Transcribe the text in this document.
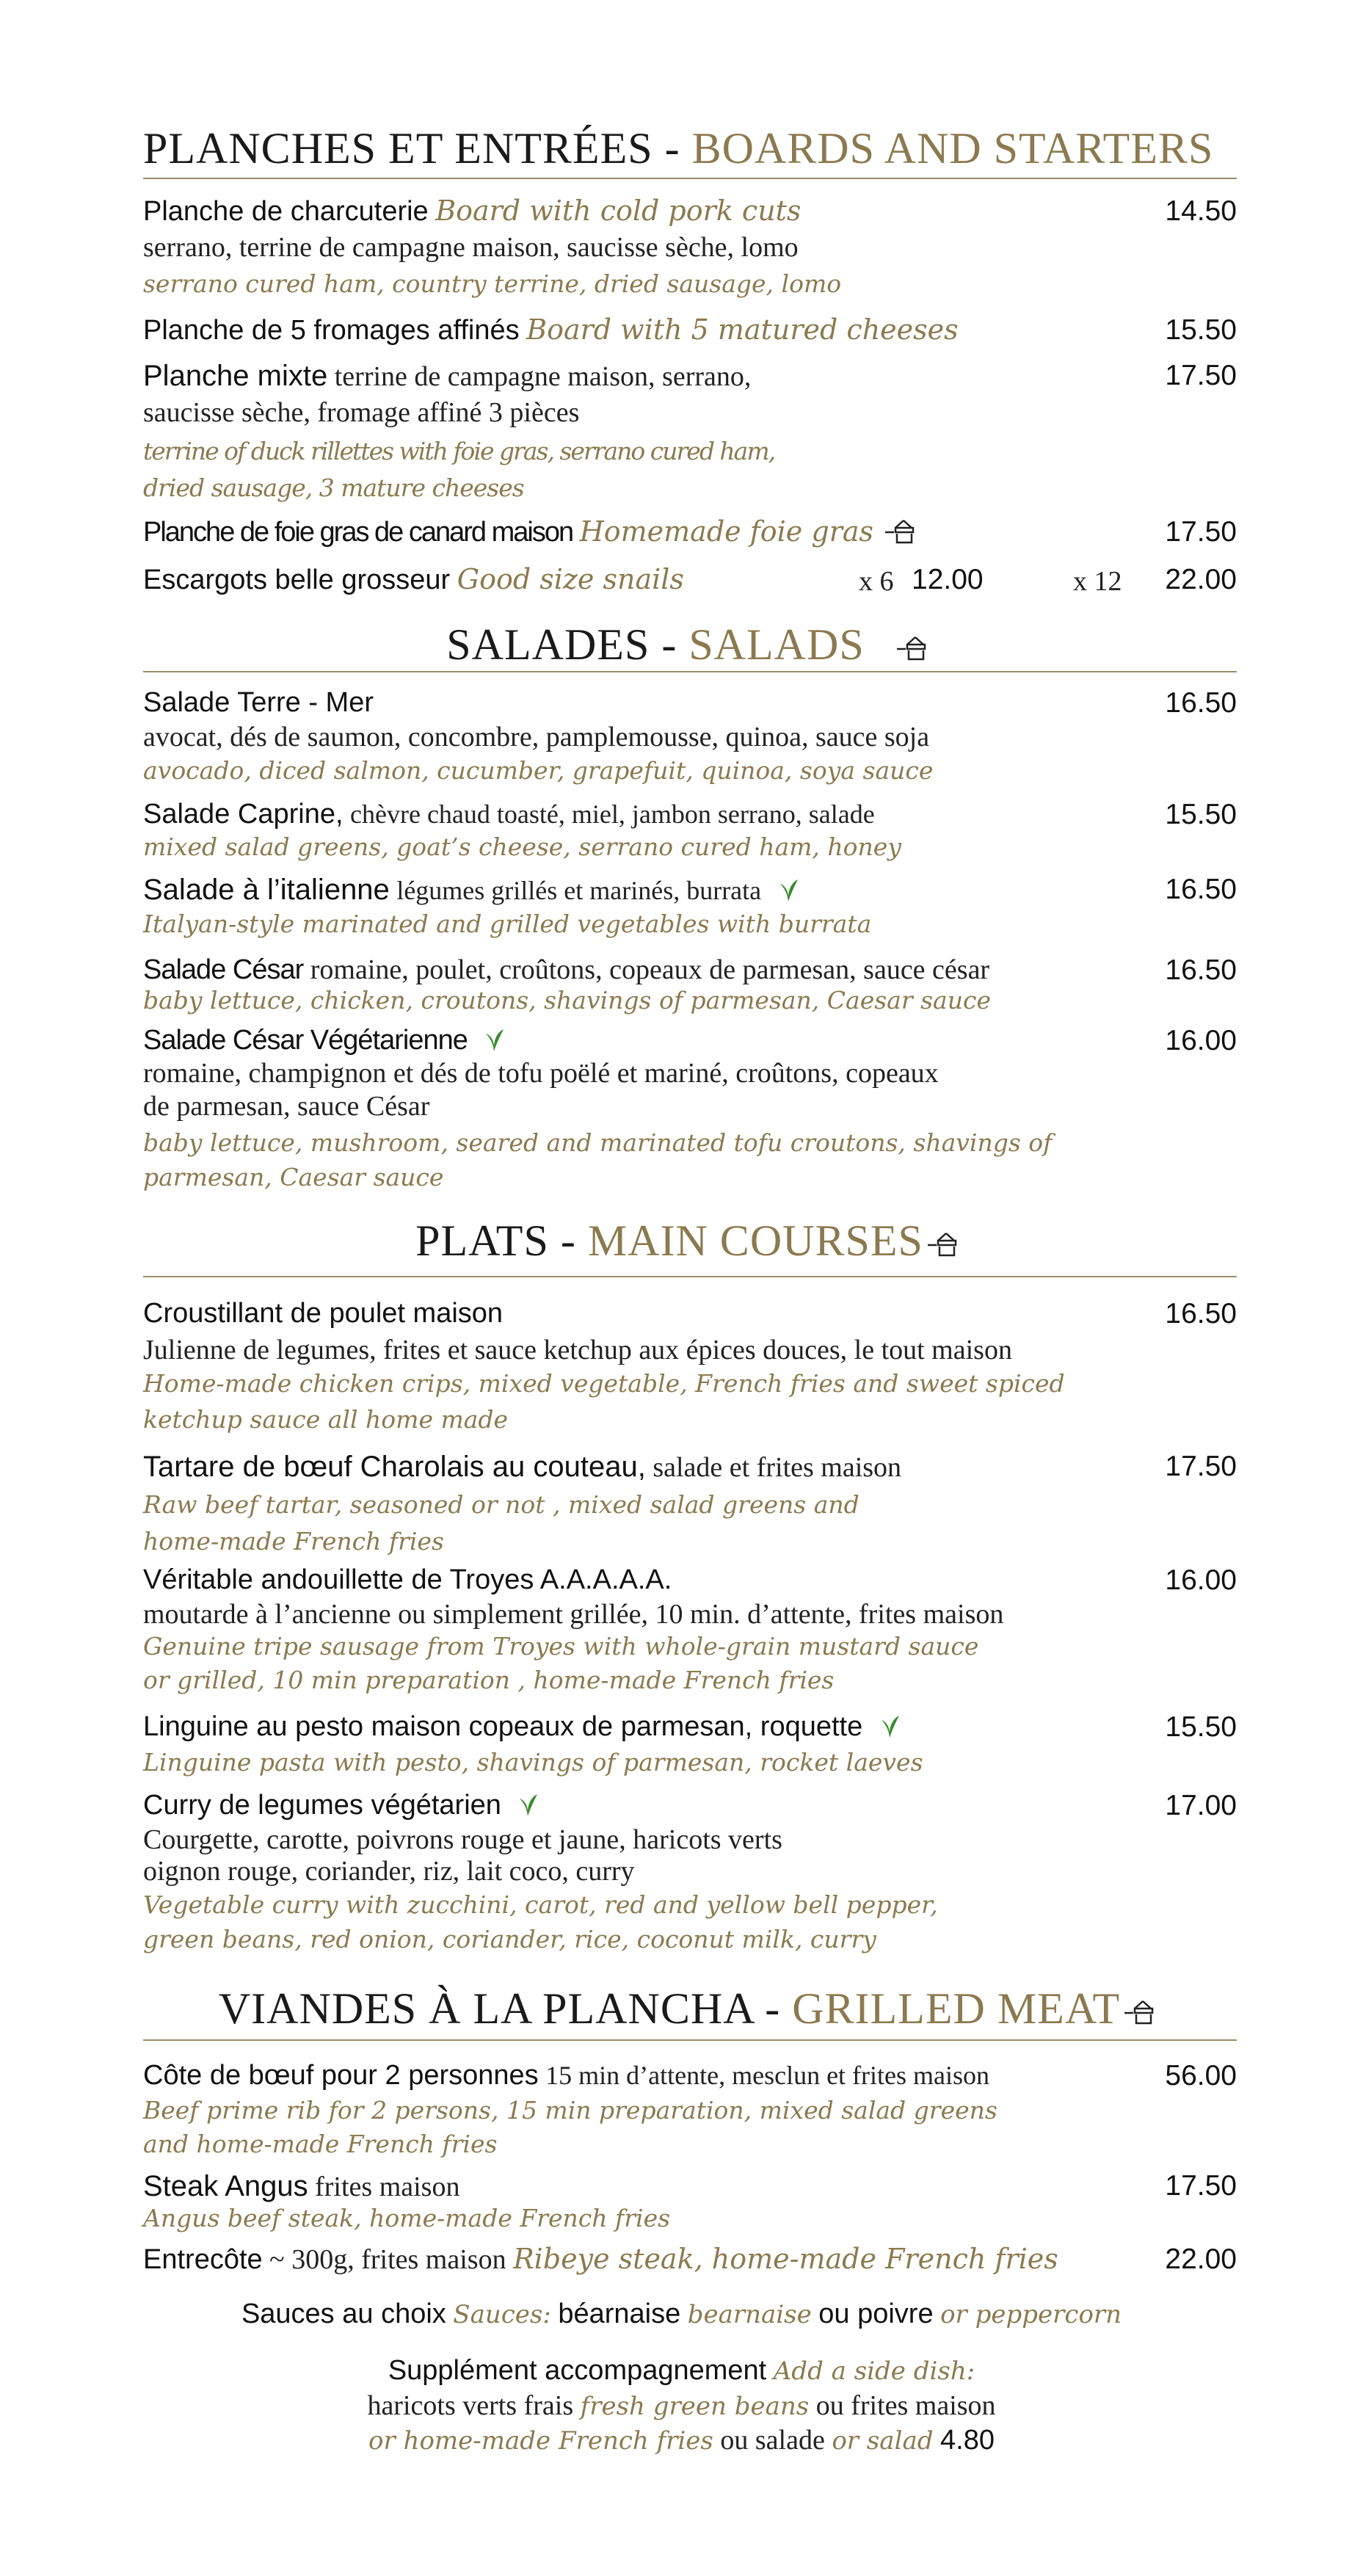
PLANCHES ET ENTRÉES - BOARDS AND STARTERS
Planche de charcuterie Board with cold pork cuts	14.50
serrano, terrine de campagne maison, saucisse sèche, lomo
serrano cured ham, country terrine, dried sausage, lomo
Planche de 5 fromages affinés Board with 5 matured cheeses	15.50
Planche mixte terrine de campagne maison, serrano,	17.50
saucisse sèche, fromage affiné 3 pièces
terrine of duck rillettes with foie gras, serrano cured ham,
dried sausage, 3 mature cheeses
Planche de foie gras de canard maison Homemade foie gras	17.50
Escargots belle grosseur Good size snails	x 6 12.00	x 12 22.00
SALADES - SALADS
Salade Terre - Mer	16.50
avocat, dés de saumon, concombre, pamplemousse, quinoa, sauce soja
avocado, diced salmon, cucumber, grapefuit, quinoa, soya sauce
Salade Caprine, chèvre chaud toasté, miel, jambon serrano, salade	15.50
mixed salad greens, goat’s cheese, serrano cured ham, honey
Salade à l’italienne légumes grillés et marinés, burrata	16.50
Italyan-style marinated and grilled vegetables with burrata
Salade César romaine, poulet, croûtons, copeaux de parmesan, sauce césar	16.50
baby lettuce, chicken, croutons, shavings of parmesan, Caesar sauce
Salade César Végétarienne	16.00
romaine, champignon et dés de tofu poëlé et mariné, croûtons, copeaux
de parmesan, sauce César
baby lettuce, mushroom, seared and marinated tofu croutons, shavings of
parmesan, Caesar sauce
PLATS - MAIN COURSES
Croustillant de poulet maison	16.50
Julienne de legumes, frites et sauce ketchup aux épices douces, le tout maison
Home-made chicken crips, mixed vegetable, French fries and sweet spiced
ketchup sauce all home made
Tartare de bœuf Charolais au couteau, salade et frites maison	17.50
Raw beef tartar, seasoned or not , mixed salad greens and
home-made French fries
Véritable andouillette de Troyes A.A.A.A.A.	16.00
moutarde à l’ancienne ou simplement grillée, 10 min. d’attente, frites maison
Genuine tripe sausage from Troyes with whole-grain mustard sauce
or grilled, 10 min preparation , home-made French fries
Linguine au pesto maison copeaux de parmesan, roquette	15.50
Linguine pasta with pesto, shavings of parmesan, rocket laeves
Curry de legumes végétarien	17.00
Courgette, carotte, poivrons rouge et jaune, haricots verts
oignon rouge, coriander, riz, lait coco, curry
Vegetable curry with zucchini, carot, red and yellow bell pepper,
green beans, red onion, coriander, rice, coconut milk, curry
VIANDES À LA PLANCHA - GRILLED MEAT
Côte de bœuf pour 2 personnes 15 min d’attente, mesclun et frites maison	56.00
Beef prime rib for 2 persons, 15 min preparation, mixed salad greens
and home-made French fries
Steak Angus frites maison	17.50
Angus beef steak, home-made French fries
Entrecôte ~ 300g, frites maison Ribeye steak, home-made French fries	22.00
Sauces au choix Sauces: béarnaise bearnaise ou poivre or peppercorn
Supplément accompagnement Add a side dish:
haricots verts frais fresh green beans ou frites maison
or home-made French fries ou salade or salad 4.80
